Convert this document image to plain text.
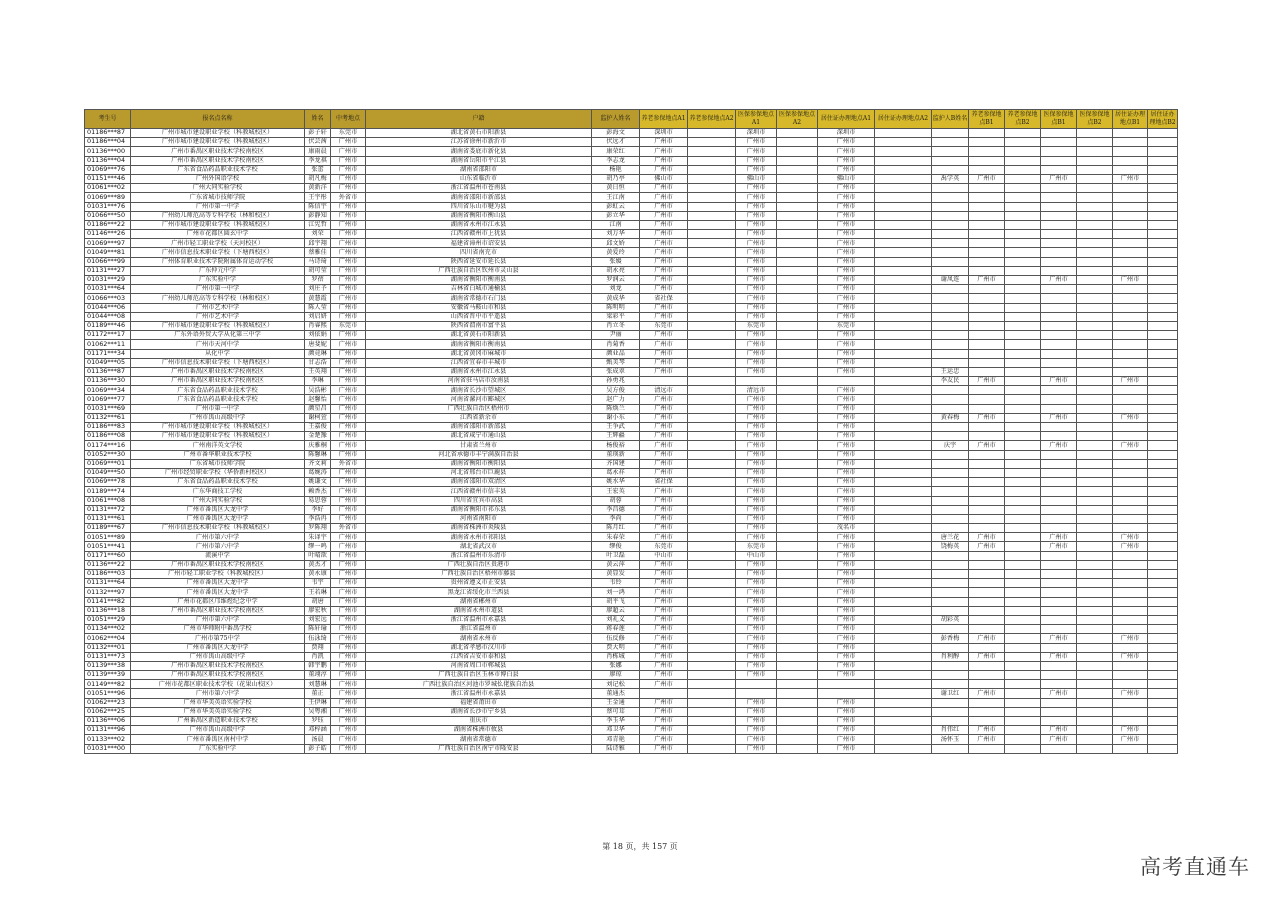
考生号	报名点名称	姓名	中考地点	户籍	监护人姓名	养老参保地点A1	养老参保地点A2	医保参保地点A1	医保参保地点A2	居住证办理地点A1	居住证办理地点A2	监护人B姓名	养老参保地点B1	养老参保地点B2	医保参保地点B1	医保参保地点B2	居住证办理地点B1	居住证办理地点B2
01186***87	广州市城市建设职业学校（科教城校区）	彭子轩	东莞市	湖北省黄石市阳新县	彭海文	深圳市		深圳市		深圳市								
01186***04	广州市城市建设职业学校（科教城校区）	伏芸茜	广州市	江苏省徐州市新沂市	伏远才	广州市		广州市		广州市								
01136***00	广州市番禺区职业技术学校南校区	康雨晨	广州市	湖南省娄底市新化县	康荣红	广州市		广州市		广州市								
01136***04	广州市番禺区职业技术学校南校区	李龙祺	广州市	湖南省岳阳市平江县	李志龙	广州市		广州市		广州市								
01069***76	广东省食品药品职业技术学校	张蕾	广州市	湖南省邵阳市	杨艳	广州市		广州市		广州市								
01151***46	广州外国语学校	胡凡梅	广州市	山东省临沂市	胡乃亭	佛山市		佛山市		佛山市		禹学英	广州市		广州市		广州市	
01061***02	广州大同实验学校	黄新洋	广州市	浙江省温州市苍南县	黄日恒	广州市		广州市		广州市								
01069***89	广东省城市技师学院	王宇彤	外省市	湖南省邵阳市新邵县	王江南	广州市		广州市		广州市								
01031***76	广州市第一中学	陈信宇	广州市	四川省乐山市犍为县	彭虹云	广州市		广州市		广州市								
01066***50	广州幼儿师范高等专科学校（林和校区）	彭静知	广州市	湖南省衡阳市衡山县	彭立华	广州市		广州市		广州市								
01186***22	广州市城市建设职业学校（科教城校区）	江宪哲	广州市	湖南省永州市江永县	江南	广州市		广州市		广州市								
01146***26	广州市花都区圆玄中学	刘荣	广州市	江西省赣州市上犹县	刘万华	广州市		广州市		广州市								
01069***97	广州市轻工职业学校（天河校区）	邱宇翔	广州市	福建省漳州市诏安县	邱文娇	广州市		广州市		广州市								
01049***81	广州市信息技术职业学校（下塘西校区）	蔡雅佳	广州市	四川省南充市	黄爱玲	广州市		广州市		广州市								
01066***99	广州体育职业技术学院附属体育运动学校	马诗琦	广州市	陕西省延安市延长县	张媛	广州市		广州市		广州市								
01131***27	广东仲元中学	胡可莹	广州市	广西壮族自治区钦州市灵山县	胡永亮	广州市		广州市		广州市								
01031***29	广东实验中学	罗蓓	广州市	湖南省衡阳市衡南县	罗润云	广州市		广州市		广州市		谢凤连	广州市		广州市		广州市	
01031***64	广州市第一中学	刘庄予	广州市	吉林省白城市通榆县	刘龙	广州市		广州市		广州市								
01066***03	广州幼儿师范高等专科学校（林和校区）	黄慧霞	广州市	湖南省常德市石门县	黄成华	省社保		广州市		广州市								
01044***06	广州市艺术中学	陈人莹	广州市	安徽省马鞍山市和县	陈明明	广州市		广州市		广州市								
01044***08	广州市艺术中学	刘启妍	广州市	山西省晋中市平遥县	梁彩平	广州市		广州市		广州市								
01189***46	广州市城市建设职业学校（科教城校区）	肖睿熙	东莞市	陕西省渭南市富平县	肖立冬	东莞市		东莞市		东莞市								
01172***17	广东外语外贸大学从化第三中学	刘依娟	广州市	湖北省黄石市阳新县	尹丽	广州市		广州市		广州市								
01062***11	广州市天河中学	唐斐妮	广州市	湖南省衡阳市衡南县	肖菊香	广州市		广州市		广州市								
01171***34	从化中学	颜竟琳	广州市	湖北省黄冈市麻城市	颜业品	广州市		广州市		广州市								
01049***05	广州市信息技术职业学校（下塘西校区）	甘志浩	广州市	江西省宜春市丰城市	甄美琴	广州市		广州市		广州市								
01136***87	广州市番禺区职业技术学校南校区	王英翔	广州市	湖南省永州市江永县	张成翠	广州市		广州市		广州市		王运忠						
01136***30	广州市番禺区职业技术学校南校区	李琳	广州市	河南省驻马店市汝南县	孙勇兆							李友民	广州市		广州市		广州市	
01069***34	广东省食品药品职业技术学校	吴浩彬	广州市	湖南省长沙市望城区	吴方俊	清远市		清远市		广州市								
01069***77	广东省食品药品职业技术学校	赵馨怡	广州市	河南省漯河市郾城区	赵广力	广州市		广州市		广州市								
01031***69	广州市第一中学	颜星昌	广州市	广西壮族自治区梧州市	陈焕兰	广州市		广州市		广州市								
01132***61	广州市禺山高级中学	谢柯萱	广州市	江西省新余市	谢小东	广州市		广州市		广州市		黄春梅	广州市		广州市		广州市	
01186***83	广州市城市建设职业学校（科教城校区）	王嘉俊	广州市	湖南省邵阳市新邵县	王争武	广州市		广州市		广州市								
01186***08	广州市城市建设职业学校（科教城校区）	金楚豫	广州市	湖北省咸宁市通山县	王辉疆	广州市		广州市		广州市								
01174***16	广州南洋英文学校	庆雅桐	广州市	甘肃省兰州市	杨俊裕	广州市		广州市		广州市		庆宇	广州市		广州市		广州市	
01052***30	广州市番华职业技术学校	陈馨琳	广州市	河北省承德市丰宁满族自治县	董瑛新	广州市		广州市		广州市								
01069***01	广东省城市技师学院	齐文莉	外省市	湖南省衡阳市衡阳县	齐国建	广州市		广州市		广州市								
01049***50	广州市经贸职业学校（华侨新村校区）	葛婉涛	广州市	河北省邢台市巨鹿县	葛永祥	广州市		广州市		广州市								
01069***78	广东省食品药品职业技术学校	姚谦文	广州市	湖南省邵阳市双清区	姚水华	省社保		广州市		广州市								
01189***74	广东华商技工学校	赖香杰	广州市	江西省赣州市信丰县	王宏英	广州市		广州市		广州市								
01061***08	广州大同实验学校	易思蓉	广州市	四川省宜宾市高县	胡蓉	广州市		广州市		广州市								
01131***72	广州市番禺区大龙中学	李好	广州市	湖南省衡阳市祁东县	李昌德	广州市		广州市		广州市								
01131***61	广州市番禺区大龙中学	李浩冉	广州市	河南省南阳市	李尚	广州市		广州市		广州市								
01189***67	广州市信息技术职业学校（科教城校区）	罗陈翔	外省市	湖南省株洲市炎陵县	陈月红	广州市		广州市		茂名市								
01051***89	广州市第六中学	朱译宇	广州市	湖南省永州市祁阳县	朱春荣	广州市		广州市		广州市		唐兰花	广州市		广州市		广州市	
01051***41	广州市第六中学	缪一鸣	广州市	湖北省武汉市	缪俊	东莞市		东莞市		广州市		饶梅英	广州市		广州市		广州市	
01171***60	流溪中学	叶晴歆	广州市	浙江省温州市乐清市	叶卫磊	中山市		中山市		广州市								
01136***22	广州市番禺区职业技术学校南校区	黄杰才	广州市	广西壮族自治区贵港市	黄云萍	广州市		广州市		广州市								
01186***03	广州市轻工职业学校（科教城校区）	黄永康	广州市	广西壮族自治区梧州市藤县	黄显发	广州市		广州市		广州市								
01131***64	广州市番禺区大龙中学	韦宇	广州市	贵州省遵义市正安县	韦铃	广州市		广州市		广州市								
01132***97	广州市番禺区大龙中学	王若琳	广州市	黑龙江省绥化市兰西县	刘一鸿	广州市		广州市		广州市								
01141***82	广州市花都区邝维煜纪念中学	胡唐	广州市	湖南省郴州市	胡平飞	广州市		广州市		广州市								
01136***18	广州市番禺区职业技术学校南校区	廖宏秋	广州市	湖南省永州市道县	廖超云	广州市		广州市		广州市								
01051***29	广州市第六中学	刘宏远	广州市	浙江省温州市永嘉县	刘礼义	广州市		广州市		广州市		胡彩英						
01134***02	广州市华师附中番禺学校	陈轩瑜	广州市	浙江省温州市	蒋春莲	广州市		广州市		广州市								
01062***04	广州市第75中学	伍泳绮	广州市	湖南省永州市	伍反修	广州市		广州市		广州市		彭香梅	广州市		广州市		广州市	
01132***01	广州市番禺区大龙中学	贾翔	广州市	湖北省孝感市汉川市	贾大明	广州市		广州市		广州市								
01131***73	广州市禺山高级中学	肖凯	广州市	江西省吉安市泰和县	肖栋城	广州市		广州市		广州市		肖利醇	广州市		广州市		广州市	
01139***38	广州市番禺区职业技术学校南校区	韩宇鹏	广州市	河南省周口市郸城县	张娜	广州市		广州市		广州市								
01139***39	广州市番禺区职业技术学校南校区	董翊淳	广州市	广西壮族自治区玉林市博白县	廖琼	广州市		广州市		广州市								
01149***82	广州市花都区职业技术学校（花果山校区）	刘慧琳	广州市	广西壮族自治区河池市罗城仫佬族自治县	刘记松	广州市												
01051***96	广州市第六中学	董正	广州市	浙江省温州市永嘉县	董通杰							谢卫红	广州市		广州市		广州市	
01062***23	广州市华美英语实验学校	王伊琳	广州市	福建省莆田市	王金通	广州市		广州市		广州市								
01062***25	广州市华美英语实验学校	吴粤湘	广州市	湖南省长沙市宁乡县	蔡可茸	广州市		广州市		广州市								
01136***06	广州番禺区新造职业技术学校	罗钰	广州市	重庆市	李玉华	广州市		广州市		广州市								
01131***96	广州市禺山高级中学	邓梓涵	广州市	湖南省株洲市攸县	邓卫华	广州市		广州市		广州市		肖伟红	广州市		广州市		广州市	
01133***02	广州市番禺区南村中学	汤晨	广州市	湖南省常德市	邓青艳	广州市		广州市		广州市		汤怀玉	广州市		广州市		广州市	
01031***00	广东实验中学	彭子皓	广州市	广西壮族自治区南宁市隆安县	陆诗雅	广州市		广州市		广州市								
第 18 页，共 157 页
高考直通车
